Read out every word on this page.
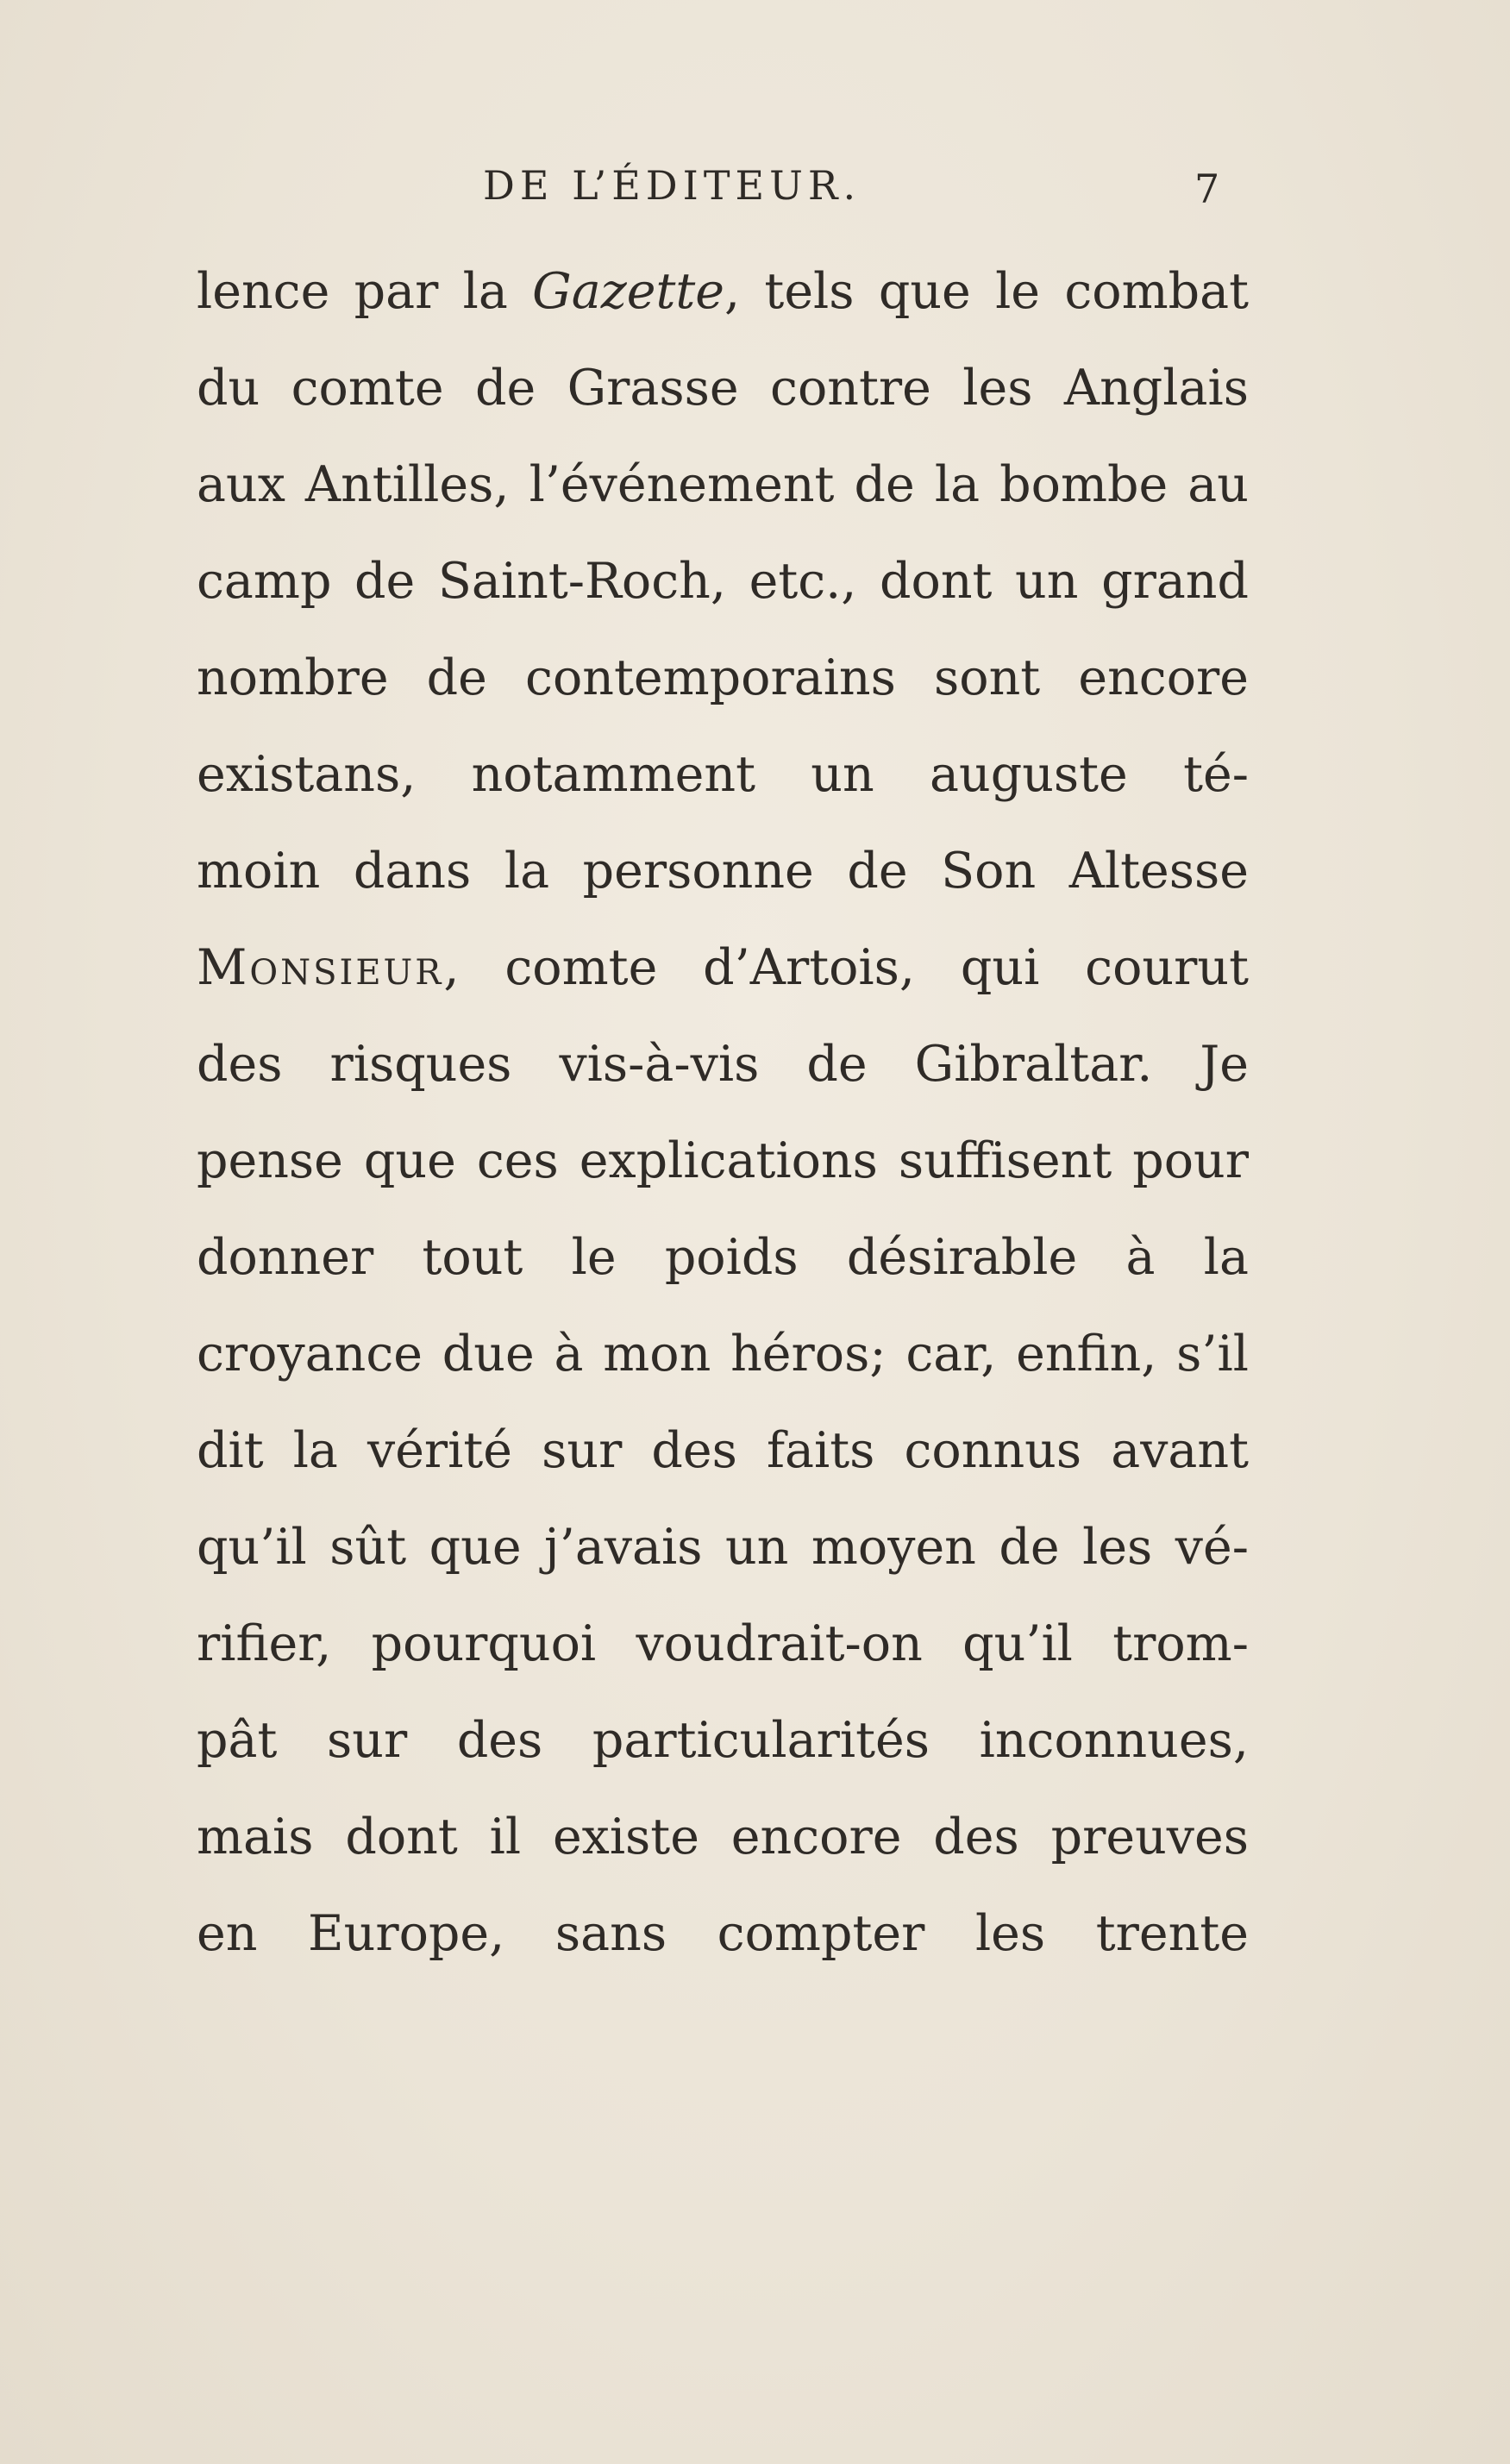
DE L’ÉDITEUR.	7
lence par la Gazette, tels que le combat
du comte de Grasse contre les Anglais
aux Antilles, l’événement de la bombe au
camp de Saint-Roch, etc., dont un grand
nombre de contemporains sont encore
existans, notamment un auguste té-
moin dans la personne de Son Altesse
Monsieur, comte d’Artois, qui courut
des risques vis-à-vis de Gibraltar. Je
pense que ces explications suffisent pour
donner tout le poids désirable à la
croyance due à mon héros; car, enfin, s’il
dit la vérité sur des faits connus avant
qu’il sût que j’avais un moyen de les vé-
rifier, pourquoi voudrait-on qu’il trom-
pât sur des particularités inconnues,
mais dont il existe encore des preuves
en Europe, sans compter les trente
